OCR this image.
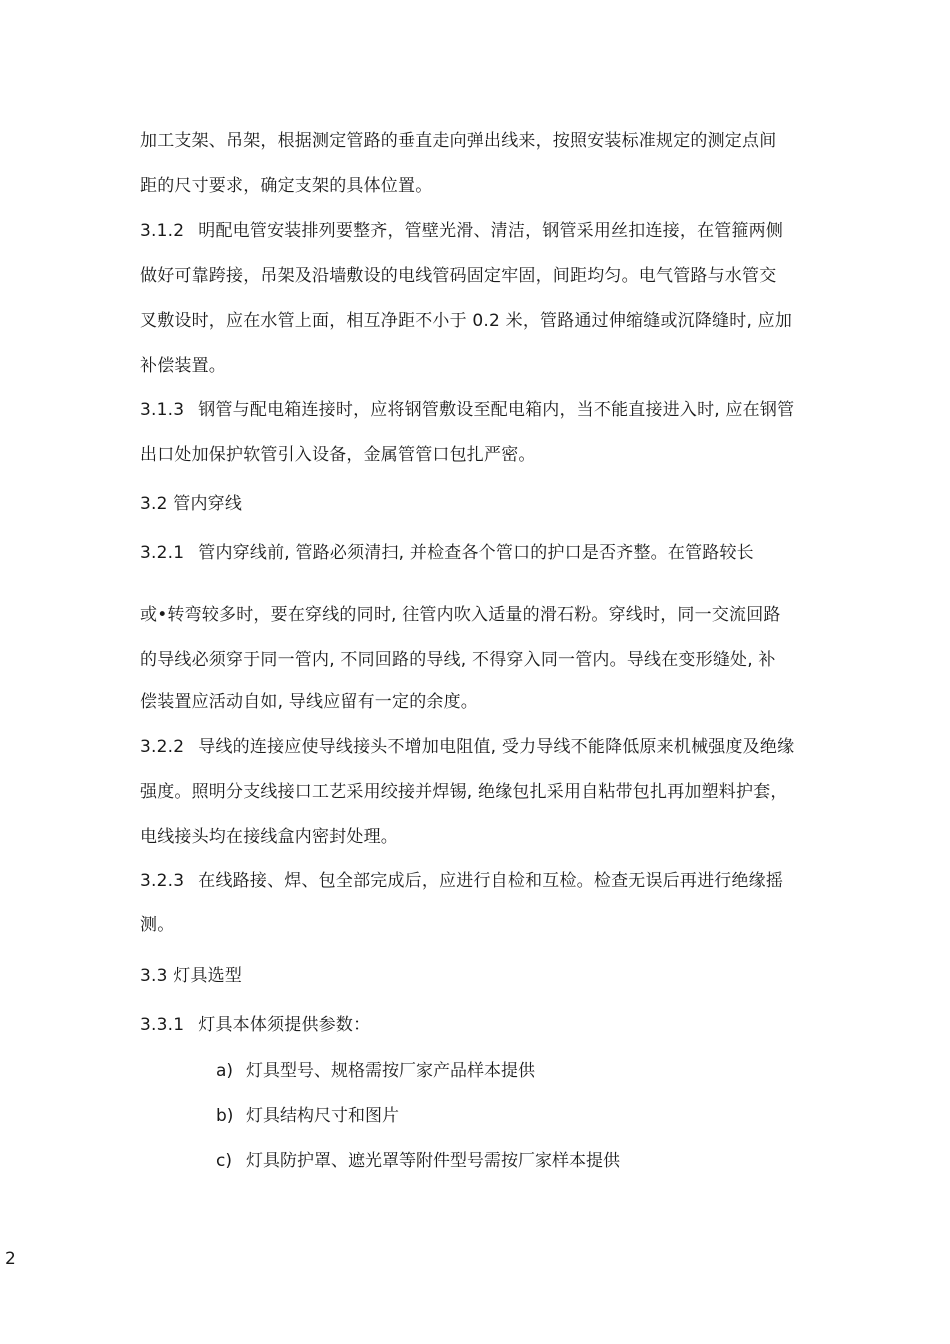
加工支架、吊架，根据测定管路的垂直走向弹出线来，按照安装标准规定的测定点间
距的尺寸要求，确定支架的具体位置。
3.1.2 明配电管安装排列要整齐，管壁光滑、清洁，钢管采用丝扣连接，在管箍两侧
做好可靠跨接，吊架及沿墙敷设的电线管码固定牢固，间距均匀。电气管路与水管交
叉敷设时，应在水管上面，相互净距不小于 0.2 米，管路通过伸缩缝或沉降缝时, 应加
补偿装置。
3.1.3 钢管与配电箱连接时，应将钢管敷设至配电箱内，当不能直接进入时, 应在钢管
出口处加保护软管引入设备，金属管管口包扎严密。
3.2 管内穿线
3.2.1 管内穿线前, 管路必须清扫, 并检查各个管口的护口是否齐整。在管路较长
或•转弯较多时，要在穿线的同时, 往管内吹入适量的滑石粉。穿线时，同一交流回路
的导线必须穿于同一管内, 不同回路的导线, 不得穿入同一管内。导线在变形缝处, 补
偿装置应活动自如, 导线应留有一定的余度。
3.2.2 导线的连接应使导线接头不增加电阻值, 受力导线不能降低原来机械强度及绝缘
强度。照明分支线接口工艺采用绞接并焊锡, 绝缘包扎采用自粘带包扎再加塑料护套，
电线接头均在接线盒内密封处理。
3.2.3 在线路接、焊、包全部完成后，应进行自检和互检。检查无误后再进行绝缘摇
测。
3.3 灯具选型
3.3.1 灯具本体须提供参数：
a) 灯具型号、规格需按厂家产品样本提供
b) 灯具结构尺寸和图片
c) 灯具防护罩、遮光罩等附件型号需按厂家样本提供
2
